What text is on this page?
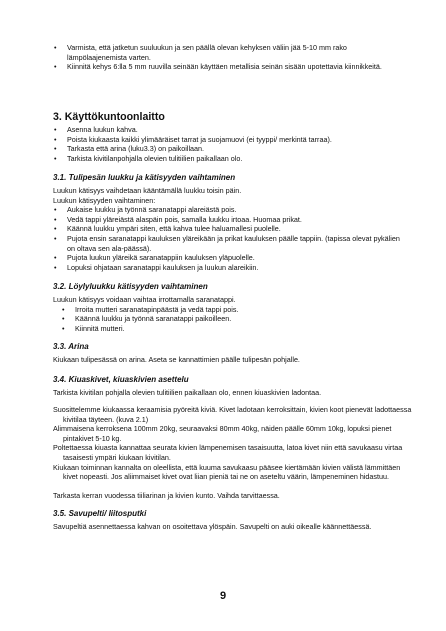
• Varmista, että jatketun suuluukun ja sen päällä olevan kehyksen väliin jää 5-10 mm rako lämpölaajenemista varten.
• Kiinnitä kehys 6:lla 5 mm ruuvilla seinään käyttäen metallisia seinän sisään upotettavia kiinnikkeitä.
3. Käyttökuntoonlaitto
• Asenna luukun kahva.
• Poista kiukaasta kaikki ylimääräiset tarrat ja suojamuovi (ei tyyppi/ merkintä tarraa).
• Tarkasta että arina (luku3.3) on paikoillaan.
• Tarkista kivitilanpohjalla olevien tulitiilien paikallaan olo.
3.1. Tulipesän luukku ja kätisyyden vaihtaminen
Luukun kätisyys vaihdetaan kääntämällä luukku toisin päin.
Luukun kätisyyden vaihtaminen:
• Aukaise luukku ja työnnä saranatappi alareiästä pois.
• Vedä tappi yläreiästä alaspäin pois, samalla luukku irtoaa. Huomaa prikat.
• Käännä luukku ympäri siten, että kahva tulee haluamallesi puolelle.
• Pujota ensin saranatappi kauluksen yläreikään ja prikat kauluksen päälle tappiin. (tapissa olevat pykälien on oltava sen ala-päässä).
• Pujota luukun yläreikä saranatappiin kauluksen yläpuolelle.
• Lopuksi ohjataan saranatappi kauluksen ja luukun alareikiin.
3.2. Löylyluukku kätisyyden vaihtaminen
Luukun kätisyys voidaan vaihtaa irrottamalla saranatappi.
• Irroita mutteri saranatapinpäästä ja vedä tappi pois.
• Käännä luukku ja työnnä saranatappi paikoilleen.
• Kiinnitä mutteri.
3.3. Arina
Kiukaan tulipesässä on arina. Aseta se kannattimien päälle tulipesän pohjalle.
3.4. Kiuaskivet, kiuaskivien asettelu
Tarkista kivitilan pohjalla olevien tulitiilien paikallaan olo, ennen kiuaskivien ladontaa.
Suosittelemme kiukaassa keraamisia pyöreitä kiviä. Kivet ladotaan kerroksittain, kivien koot pienevät ladottaessa kivitilaa täyteen. (kuva 2.1)
Alimmaisena kerroksena 100mm 20kg, seuraavaksi 80mm 40kg, näiden päälle 60mm 10kg, lopuksi pienet pintakivet 5-10 kg.
Poltettaessa kiuasta kannattaa seurata kivien lämpenemisen tasaisuutta, latoa kivet niin että savukaasu virtaa tasaisesti ympäri kiukaan kivitilan.
Kiukaan toiminnan kannalta on oleellista, että kuuma savukaasu pääsee kiertämään kivien välistä lämmittäen kivet nopeasti. Jos aliimmaiset kivet ovat liian pieniä tai ne on aseteltu väärin, lämpeneminen hidastuu.
Tarkasta kerran vuodessa tiiliarinan ja kivien kunto. Vaihda tarvittaessa.
3.5. Savupelti/ liitosputki
Savupeltiä asennettaessa kahvan on osoitettava ylöspäin. Savupelti on auki oikealle käännettäessä.
9
